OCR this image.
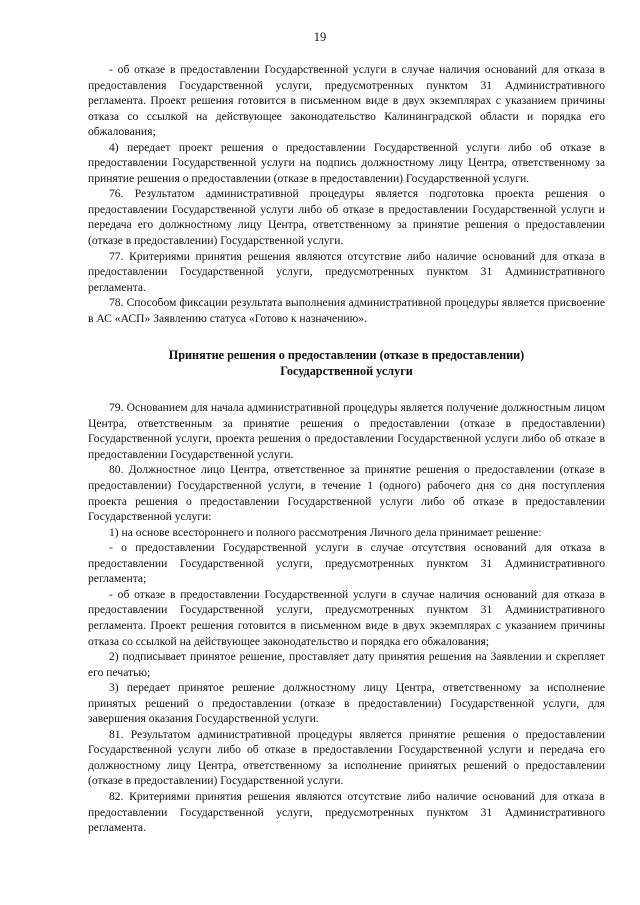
19

- об отказе в предоставлении Государственной услуги в случае наличия оснований для отказа в предоставления Государственной услуги, предусмотренных пунктом 31 Административного регламента. Проект решения готовится в письменном виде в двух экземплярах с указанием причины отказа со ссылкой на действующее законодательство Калининградской области и порядка его обжалования;

4) передает проект решения о предоставлении Государственной услуги либо об отказе в предоставлении Государственной услуги на подпись должностному лицу Центра, ответственному за принятие решения о предоставлении (отказе в предоставлении) Государственной услуги.

76. Результатом административной процедуры является подготовка проекта решения о предоставлении Государственной услуги либо об отказе в предоставлении Государственной услуги и передача его должностному лицу Центра, ответственному за принятие решения о предоставлении (отказе в предоставлении) Государственной услуги.

77. Критериями принятия решения являются отсутствие либо наличие оснований для отказа в предоставлении Государственной услуги, предусмотренных пунктом 31 Административного регламента.

78. Способом фиксации результата выполнения административной процедуры является присвоение в АС «АСП» Заявлению статуса «Готово к назначению».

Принятие решения о предоставлении (отказе в предоставлении)
Государственной услуги

79. Основанием для начала административной процедуры является получение должностным лицом Центра, ответственным за принятие решения о предоставлении (отказе в предоставлении) Государственной услуги, проекта решения о предоставлении Государственной услуги либо об отказе в предоставлении Государственной услуги.

80. Должностное лицо Центра, ответственное за принятие решения о предоставлении (отказе в предоставлении) Государственной услуги, в течение 1 (одного) рабочего дня со дня поступления проекта решения о предоставлении Государственной услуги либо об отказе в предоставлении Государственной услуги:

1) на основе всестороннего и полного рассмотрения Личного дела принимает решение:

- о предоставлении Государственной услуги в случае отсутствия оснований для отказа в предоставлении Государственной услуги, предусмотренных пунктом 31 Административного регламента;

- об отказе в предоставлении Государственной услуги в случае наличия оснований для отказа в предоставлении Государственной услуги, предусмотренных пунктом 31 Административного регламента. Проект решения готовится в письменном виде в двух экземплярах с указанием причины отказа со ссылкой на действующее законодательство и порядка его обжалования;

2) подписывает принятое решение, проставляет дату принятия решения на Заявлении и скрепляет его печатью;

3) передает принятое решение должностному лицу Центра, ответственному за исполнение принятых решений о предоставлении (отказе в предоставлении) Государственной услуги, для завершения оказания Государственной услуги.

81. Результатом административной процедуры является принятие решения о предоставлении Государственной услуги либо об отказе в предоставлении Государственной услуги и передача его должностному лицу Центра, ответственному за исполнение принятых решений о предоставлении (отказе в предоставлении) Государственной услуги.

82. Критериями принятия решения являются отсутствие либо наличие оснований для отказа в предоставлении Государственной услуги, предусмотренных пунктом 31 Административного регламента.
